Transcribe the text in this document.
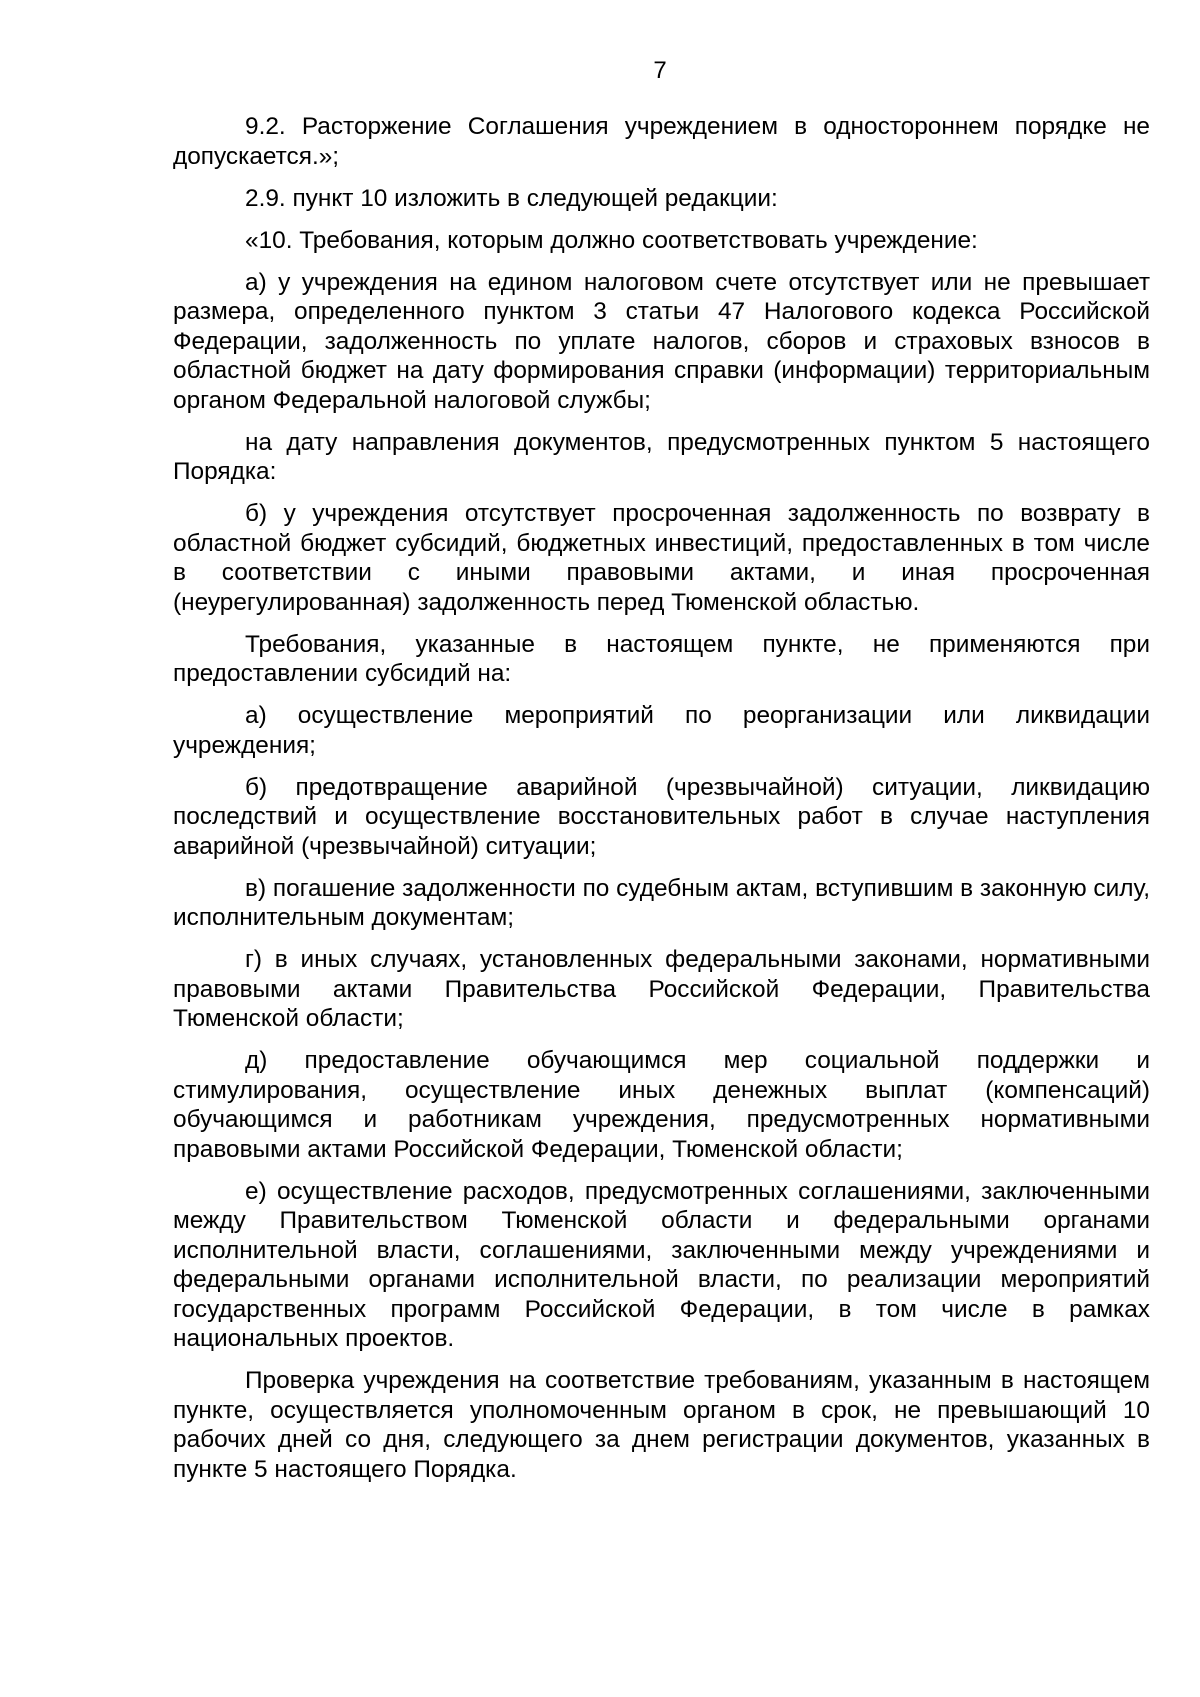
7

9.2. Расторжение Соглашения учреждением в одностороннем порядке не допускается.»;

2.9. пункт 10 изложить в следующей редакции:

«10. Требования, которым должно соответствовать учреждение:

а) у учреждения на едином налоговом счете отсутствует или не превышает размера, определенного пунктом 3 статьи 47 Налогового кодекса Российской Федерации, задолженность по уплате налогов, сборов и страховых взносов в областной бюджет на дату формирования справки (информации) территориальным органом Федеральной налоговой службы;

на дату направления документов, предусмотренных пунктом 5 настоящего Порядка:

б) у учреждения отсутствует просроченная задолженность по возврату в областной бюджет субсидий, бюджетных инвестиций, предоставленных в том числе в соответствии с иными правовыми актами, и иная просроченная (неурегулированная) задолженность перед Тюменской областью.

Требования, указанные в настоящем пункте, не применяются при предоставлении субсидий на:

а) осуществление мероприятий по реорганизации или ликвидации учреждения;

б) предотвращение аварийной (чрезвычайной) ситуации, ликвидацию последствий и осуществление восстановительных работ в случае наступления аварийной (чрезвычайной) ситуации;

в) погашение задолженности по судебным актам, вступившим в законную силу, исполнительным документам;

г) в иных случаях, установленных федеральными законами, нормативными правовыми актами Правительства Российской Федерации, Правительства Тюменской области;

д) предоставление обучающимся мер социальной поддержки и стимулирования, осуществление иных денежных выплат (компенсаций) обучающимся и работникам учреждения, предусмотренных нормативными правовыми актами Российской Федерации, Тюменской области;

е) осуществление расходов, предусмотренных соглашениями, заключенными между Правительством Тюменской области и федеральными органами исполнительной власти, соглашениями, заключенными между учреждениями и федеральными органами исполнительной власти, по реализации мероприятий государственных программ Российской Федерации, в том числе в рамках национальных проектов.

Проверка учреждения на соответствие требованиям, указанным в настоящем пункте, осуществляется уполномоченным органом в срок, не превышающий 10 рабочих дней со дня, следующего за днем регистрации документов, указанных в пункте 5 настоящего Порядка.
